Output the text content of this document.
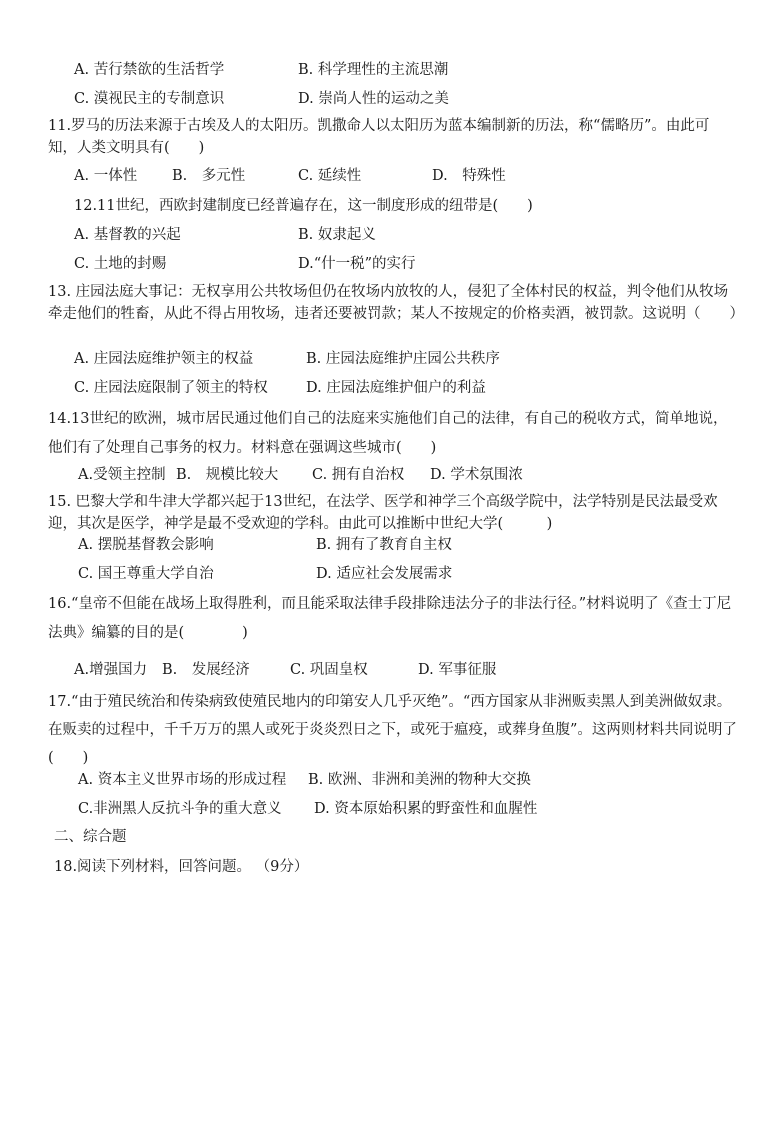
A. 苦行禁欲的生活哲学	B. 科学理性的主流思潮
C. 漠视民主的专制意识	D. 崇尚人性的运动之美
11.罗马的历法来源于古埃及人的太阳历。凯撒命人以太阳历为蓝本编制新的历法，称“儒略历”。由此可知，人类文明具有(　　)
A. 一体性 B.　多元性	C. 延续性	D.　特殊性
12.11世纪，西欧封建制度已经普遍存在，这一制度形成的纽带是(　　)
A. 基督教的兴起	B. 奴隶起义
C. 土地的封赐	D.“什一税”的实行
13. 庄园法庭大事记：无权享用公共牧场但仍在牧场内放牧的人，侵犯了全体村民的权益，判令他们从牧场牵走他们的牲畜，从此不得占用牧场，违者还要被罚款；某人不按规定的价格卖酒，被罚款。这说明（　　）
A. 庄园法庭维护领主的权益	B. 庄园法庭维护庄园公共秩序
C. 庄园法庭限制了领主的特权	D. 庄园法庭维护佃户的利益
14.13世纪的欧洲，城市居民通过他们自己的法庭来实施他们自己的法律，有自己的税收方式，简单地说，他们有了处理自己事务的权力。材料意在强调这些城市(　　)
A.受领主控制 B.　规模比较大 C. 拥有自治权 D. 学术氛围浓
15. 巴黎大学和牛津大学都兴起于13世纪，在法学、医学和神学三个高级学院中，法学特别是民法最受欢迎，其次是医学，神学是最不受欢迎的学科。由此可以推断中世纪大学(　　　)
A. 摆脱基督教会影响	B. 拥有了教育自主权
C. 国王尊重大学自治	D. 适应社会发展需求
16.“皇帝不但能在战场上取得胜利，而且能采取法律手段排除违法分子的非法行径。”材料说明了《查士丁尼法典》编纂的目的是(　　　　)
A.增强国力 B.　发展经济	C. 巩固皇权	D. 军事征服
17.“由于殖民统治和传染病致使殖民地内的印第安人几乎灭绝”。“西方国家从非洲贩卖黑人到美洲做奴隶。在贩卖的过程中，千千万万的黑人或死于炎炎烈日之下，或死于瘟疫，或葬身鱼腹”。这两则材料共同说明了(　　)
A. 资本主义世界市场的形成过程 B. 欧洲、非洲和美洲的物种大交换
C.非洲黑人反抗斗争的重大意义 D. 资本原始积累的野蛮性和血腥性
二、综合题
18.阅读下列材料，回答问题。 （9分）
